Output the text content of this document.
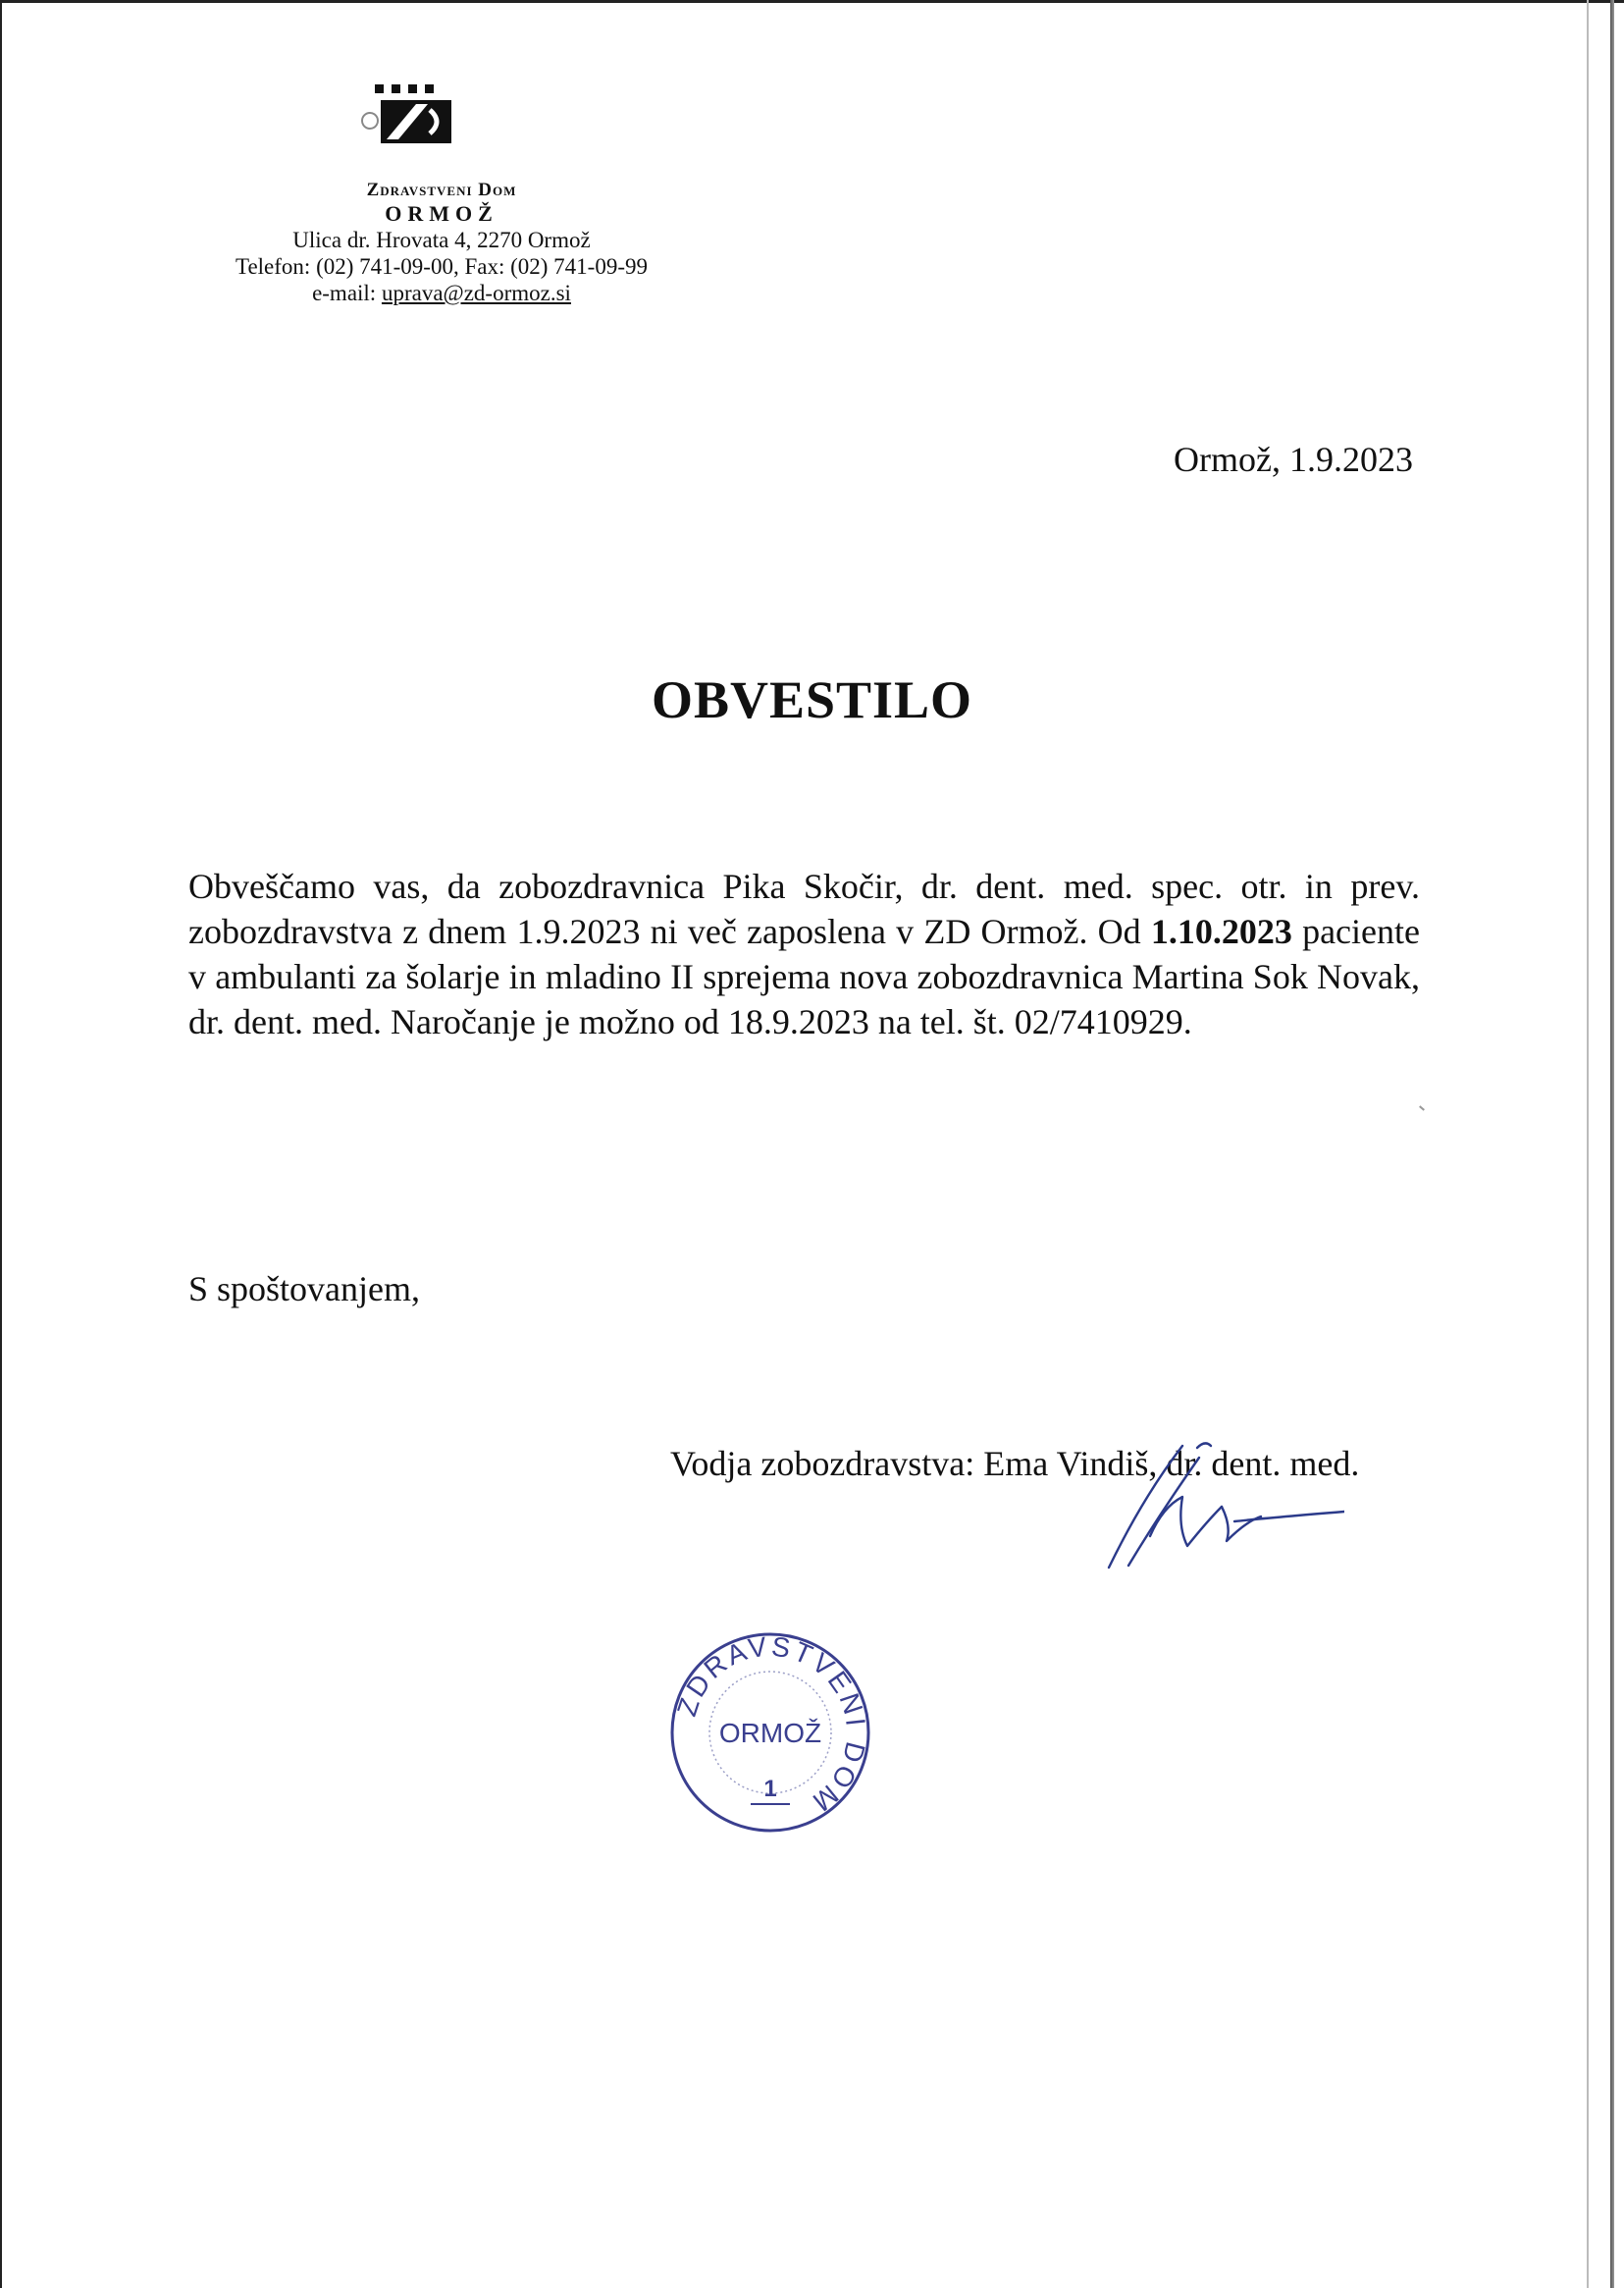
Zdravstveni Dom
ORMOŽ
Ulica dr. Hrovata 4, 2270 Ormož
Telefon: (02) 741-09-00, Fax: (02) 741-09-99
e-mail: uprava@zd-ormoz.si
Ormož, 1.9.2023
OBVESTILO
Obveščamo vas, da zobozdravnica Pika Skočir, dr. dent. med. spec. otr. in prev. zobozdravstva z dnem 1.9.2023 ni več zaposlena v ZD Ormož. Od 1.10.2023 paciente v ambulanti za šolarje in mladino II sprejema nova zobozdravnica Martina Sok Novak, dr. dent. med. Naročanje je možno od 18.9.2023 na tel. št. 02/7410929.
S spoštovanjem,
Vodja zobozdravstva: Ema Vindiš, dr. dent. med.
ZDRAVSTVENI DOM
ORMOŽ
1
